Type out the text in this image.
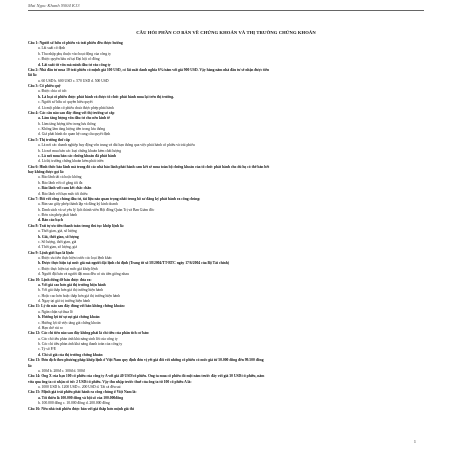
Mai Ngoc Khanh N004 K13
CÂU HỎI PHẦN CƠ BẢN VỀ CHỨNG KHOÁN VÀ THỊ TRƯỜNG CHỨNG KHOÁN
Câu 1: Người sở hữu cổ phiếu và trái phiếu đều được hưởng
a. Lãi suất cố định
b. Thu nhập phụ thuộc vào hoạt động của công ty
c. Được quyền bầu cử tại Đại hội cổ đông
d. Lãi suất từ vốn mà mình đầu tư vào công ty
Câu 2: Nhà đầu tư mua 10 trái phiếu có mệnh giá 100 USD, có lãi suất danh nghĩa 6%/năm với giá 900 USD. Vậy hàng năm nhà đầu tư sẽ nhận được tiền
lãi là:
a. 60 USD b. 600 USD c. 570 USD d. 500 USD
Câu 3: Cổ phiếu quỹ
a. Được chia cổ tức
b. Là loại cổ phiếu được phát hành và được tổ chức phát hành mua lại trên thị trường.
c. Người sở hữu có quyền biểu quyết
d. Là một phần cổ phiếu chưa được phép phát hành
Câu 4: Các câu nào sau đây đúng với thị trường sơ cấp
a. Làm tăng lượng vốn đầu tư cho nền kinh tế
b. Làm tăng lượng tiền trong lưu thông
c. Không làm tăng lượng tiền trong lưu thông
d. Giá phát hành do quan hệ cung cầu quyết định
Câu 5: Thị trường thứ cấp
a. Là nơi các doanh nghiệp huy động vốn trung và dài hạn thông qua việc phát hành cổ phiếu và trái phiếu
b. Là nơi mua bán các loại chứng khoán kém chất lượng
c. Là nơi mua bán các chứng khoán đã phát hành
d. Là thị trường chứng khoán kém phát triển
Câu 6: Hình thức bảo lãnh mà trong đó các nhà bảo lãnh phát hành cam kết sẽ mua toàn bộ chứng khoán của tổ chức phát hành cho dù họ có thể bán hết
hay không được gọi là:
a. Bảo lãnh tất cả hoặc không
b. Bảo lãnh với cố gắng tối đa
c. Bảo lãnh với cam kết chắc chắn
d. Bảo lãnh với hạn mức tối thiểu
Câu 7: Đối với công chúng đầu tư, tài liệu nào quan trọng nhất trong hồ sơ đăng ký phát hành ra công chúng:
a. Bản sao giấy phép thành lập và đăng ký kinh doanh
b. Danh sách và sơ yếu lý lịch thành viên Hội đồng Quản Trị và Ban Giám đốc
c. Đơn xin phép phát hành
d. Bản cáo bạch
Câu 8: Trái tự ưu tiên thanh toán trong thủ tục khớp lệnh là:
a. Thời gian, giá, số lượng
b. Giá, thời gian, số lượng
c. Số lượng, thời gian, giá
d. Thời gian, số lượng, giá
Câu 9: Lệnh giới hạn là lệnh:
a. Được ưu tiên thực hiện trước các loại lệnh khác
b. Được thực hiện tại mức giá mà người đặt lệnh chỉ định (Trang từ số 58/2004/TT-BTC ngày 17/6/2004 của Bộ Tài chính)
c. Được thực hiện tại mức giá khớp lệnh
d. Người đặt bán và người đặt mua đều có ưu tiên giống nhau
Câu 10: Lệnh dừng để bán được đưa ra:
a. Với giá cao hơn giá thị trường hiện hành
b. Với giá thấp hơn giá thị trường hiện hành
c. Hoặc cao hơn hoặc thấp hơn giá thị trường hiện hành
d. Ngay tại giá trị trường hiện hành
Câu 11: Lý do nào sau đây đúng với bán khống chứng khoán:
a. Ngăn chặn sự thua lỗ
b. Hưởng lợi từ sự sụt giá chứng khoán
c. Hưởng lợi từ việc tăng giá chứng khoán
d. Hạn chế rủi ro
Câu 12: Các chỉ tiêu nào sau đây không phải là chỉ tiêu của phân tích cơ bản:
a. Các chỉ tiêu phản ánh khả năng sinh lời của công ty
b. Các chỉ tiêu phản ánh khả năng thanh toán của công ty
c. Tỷ số P/E
d. Chỉ số giá của thị trường chứng khoán
Câu 13: Đơn dịch theo phương pháp khớp lệnh ở Việt Nam quy định đơn vị yết giá đối với những cổ phiếu có mức giá từ 50.000 đồng đến 99.500 đồng
là:
a. 100đ b. 200đ c. 300đ d. 500đ
Câu 14: Ông X của bạn 100 cổ phiếu của công ty A với giá 40 USD/cổ phiếu. Ông ta mua cổ phiếu đó một năm trước đây với giá 30 USD/cổ phiếu, năm
vừa qua ông ta có nhận cổ tức 2 USD/cổ phiếu. Vậy thu nhập trước thuế của ông ta từ 100 cổ phiếu A là:
a. 1000 USD b. 1200 USD c. 200 USD d. Tất cả đều sai
Câu 15: Mệnh giá trái phiếu phát hành ra công chúng ở Việt Nam là:
a. Tối thiểu là 100.000 đồng và bội số của 100.000đồng
b. 100.000 đồng c. 10.000 đồng d. 200.000 đồng
Câu 16: Nếu nhà trái phiếu được bán với giá thấp hơn mệnh giá thì
1
